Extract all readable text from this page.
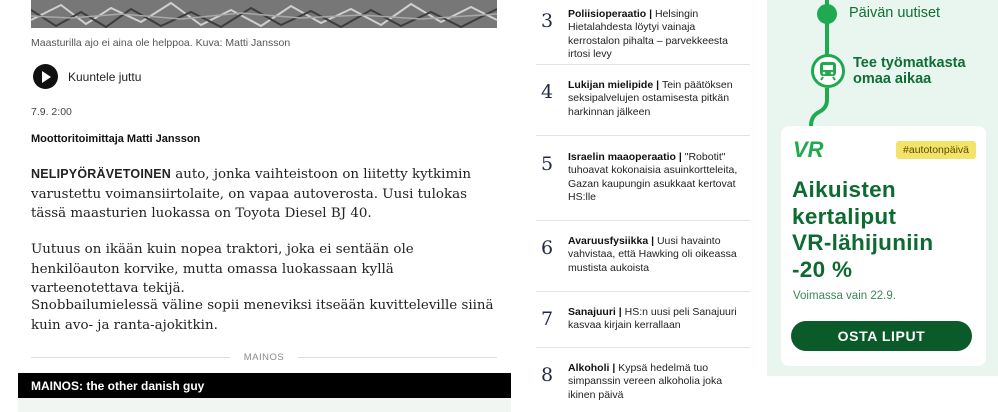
Maasturilla ajo ei aina ole helppoa. Kuva: Matti Jansson
Kuuntele juttu
7.9. 2:00
Moottoritoimittaja Matti Jansson
NELIPYÖRÄVETOINEN auto, jonka vaihteistoon on liitetty kytkimin varustettu voimansiirtolaite, on vapaa autoverosta. Uusi tulokas tässä maasturien luokassa on Toyota Diesel BJ 40.
Uutuus on ikään kuin nopea traktori, joka ei sentään ole henkilöauton korvike, mutta omassa luokassaan kyllä varteenotettava tekijä.
Snobbailumielessä väline sopii meneviksi itseään kuvitteleville siinä kuin avo- ja ranta-ajokitkin.
MAINOS
MAINOS: the other danish guy
3	Poliisioperaatio | Helsingin Hietalahdesta löytyi vainaja kerrostalon pihalta – parvekkeesta irtosi levy
4	Lukijan mielipide | Tein päätöksen seksipalvelujen ostamisesta pitkän harkinnan jälkeen
5	Israelin maaoperaatio | "Robotit" tuhoavat kokonaisia asuinkortteleita, Gazan kaupungin asukkaat kertovat HS:lle
6	Avaruusfysiikka | Uusi havainto vahvistaa, että Hawking oli oikeassa mustista aukoista
7	Sanajuuri | HS:n uusi peli Sanajuuri kasvaa kirjain kerrallaan
8	Alkoholi | Kypsä hedelmä tuo simpanssin vereen alkoholia joka ikinen päivä
Päivän uutiset
Tee työmatkasta
omaa aikaa
VR	#autotonpäivä
Aikuisten
kertaliput
VR-lähijuniin
-20 %
Voimassa vain 22.9.
OSTA LIPUT
